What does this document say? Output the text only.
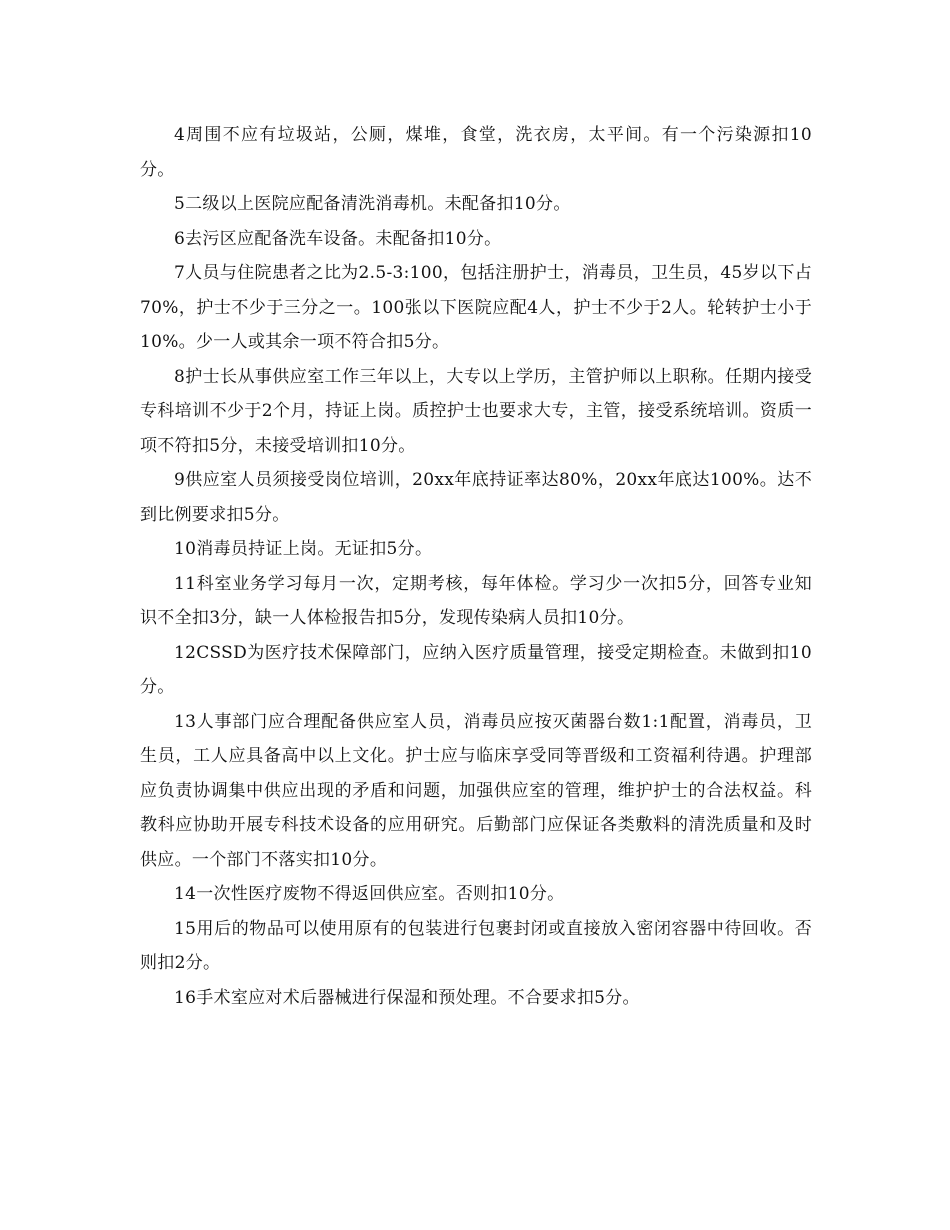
4周围不应有垃圾站，公厕，煤堆，食堂，洗衣房，太平间。有一个污染源扣10分。

5二级以上医院应配备清洗消毒机。未配备扣10分。

6去污区应配备洗车设备。未配备扣10分。

7人员与住院患者之比为2.5-3:100，包括注册护士，消毒员，卫生员，45岁以下占70%，护士不少于三分之一。100张以下医院应配4人，护士不少于2人。轮转护士小于10%。少一人或其余一项不符合扣5分。

8护士长从事供应室工作三年以上，大专以上学历，主管护师以上职称。任期内接受专科培训不少于2个月，持证上岗。质控护士也要求大专，主管，接受系统培训。资质一项不符扣5分，未接受培训扣10分。

9供应室人员须接受岗位培训，20xx年底持证率达80%，20xx年底达100%。达不到比例要求扣5分。

10消毒员持证上岗。无证扣5分。

11科室业务学习每月一次，定期考核，每年体检。学习少一次扣5分，回答专业知识不全扣3分，缺一人体检报告扣5分，发现传染病人员扣10分。

12CSSD为医疗技术保障部门，应纳入医疗质量管理，接受定期检查。未做到扣10分。

13人事部门应合理配备供应室人员，消毒员应按灭菌器台数1:1配置，消毒员，卫生员，工人应具备高中以上文化。护士应与临床享受同等晋级和工资福利待遇。护理部应负责协调集中供应出现的矛盾和问题，加强供应室的管理，维护护士的合法权益。科教科应协助开展专科技术设备的应用研究。后勤部门应保证各类敷料的清洗质量和及时供应。一个部门不落实扣10分。

14一次性医疗废物不得返回供应室。否则扣10分。

15用后的物品可以使用原有的包装进行包裹封闭或直接放入密闭容器中待回收。否则扣2分。

16手术室应对术后器械进行保湿和预处理。不合要求扣5分。
